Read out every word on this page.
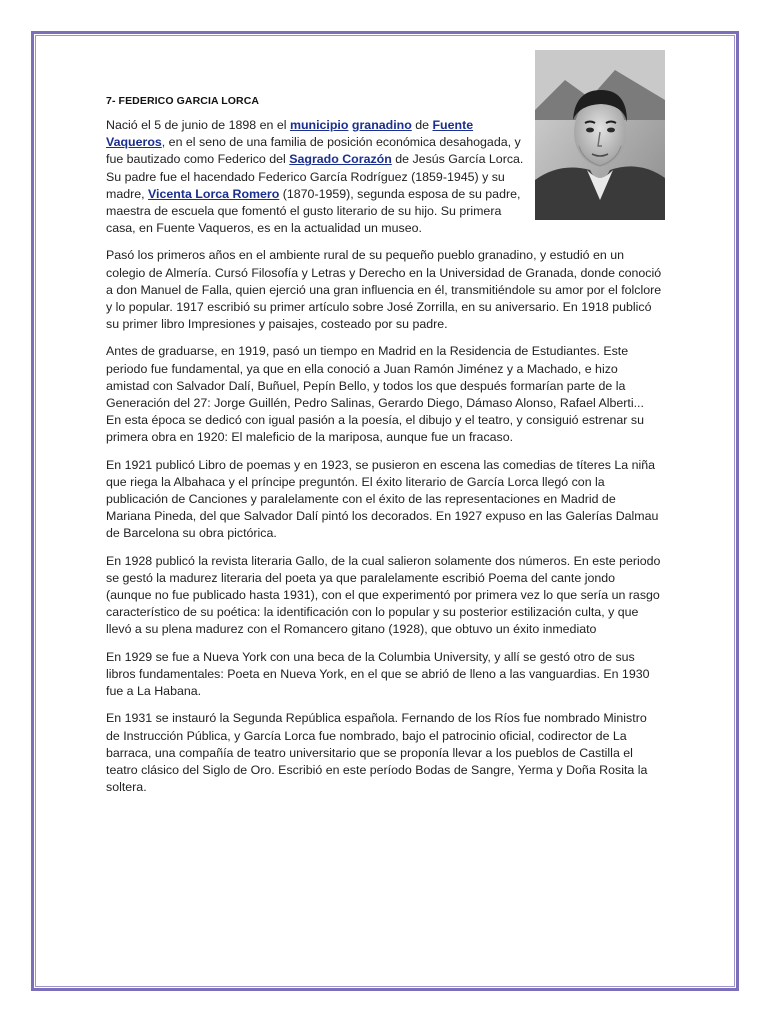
7- FEDERICO GARCIA LORCA

Nació el 5 de junio de 1898 en el municipio granadino de Fuente Vaqueros, en el seno de una familia de posición económica desahogada, y fue bautizado como Federico del Sagrado Corazón de Jesús García Lorca. Su padre fue el hacendado Federico García Rodríguez (1859-1945) y su madre, Vicenta Lorca Romero (1870-1959), segunda esposa de su padre, maestra de escuela que fomentó el gusto literario de su hijo. Su primera casa, en Fuente Vaqueros, es en la actualidad un museo.

Pasó los primeros años en el ambiente rural de su pequeño pueblo granadino, y estudió en un colegio de Almería. Cursó Filosofía y Letras y Derecho en la Universidad de Granada, donde conoció a don Manuel de Falla, quien ejerció una gran influencia en él, transmitiéndole su amor por el folclore y lo popular. 1917 escribió su primer artículo sobre José Zorrilla, en su aniversario. En 1918 publicó su primer libro Impresiones y paisajes, costeado por su padre.

Antes de graduarse, en 1919, pasó un tiempo en Madrid en la Residencia de Estudiantes. Este periodo fue fundamental, ya que en ella conoció a Juan Ramón Jiménez y a Machado, e hizo amistad con Salvador Dalí, Buñuel, Pepín Bello, y todos los que después formarían parte de la Generación del 27: Jorge Guillén, Pedro Salinas, Gerardo Diego, Dámaso Alonso, Rafael Alberti... En esta época se dedicó con igual pasión a la poesía, el dibujo y el teatro, y consiguió estrenar su primera obra en 1920: El maleficio de la mariposa, aunque fue un fracaso.

En 1921 publicó Libro de poemas y en 1923, se pusieron en escena las comedias de títeres La niña que riega la Albahaca y el príncipe preguntón. El éxito literario de García Lorca llegó con la publicación de Canciones y paralelamente con el éxito de las representaciones en Madrid de Mariana Pineda, del que Salvador Dalí pintó los decorados. En 1927 expuso en las Galerías Dalmau de Barcelona su obra pictórica.

En 1928 publicó la revista literaria Gallo, de la cual salieron solamente dos números. En este periodo se gestó la madurez literaria del poeta ya que paralelamente escribió Poema del cante jondo (aunque no fue publicado hasta 1931), con el que experimentó por primera vez lo que sería un rasgo característico de su poética: la identificación con lo popular y su posterior estilización culta, y que llevó a su plena madurez con el Romancero gitano (1928), que obtuvo un éxito inmediato

En 1929 se fue a Nueva York con una beca de la Columbia University, y allí se gestó otro de sus libros fundamentales: Poeta en Nueva York, en el que se abrió de lleno a las vanguardias. En 1930 fue a La Habana.

En 1931 se instauró la Segunda República española. Fernando de los Ríos fue nombrado Ministro de Instrucción Pública, y García Lorca fue nombrado, bajo el patrocinio oficial, codirector de La barraca, una compañía de teatro universitario que se proponía llevar a los pueblos de Castilla el teatro clásico del Siglo de Oro. Escribió en este período Bodas de Sangre, Yerma y Doña Rosita la soltera.
